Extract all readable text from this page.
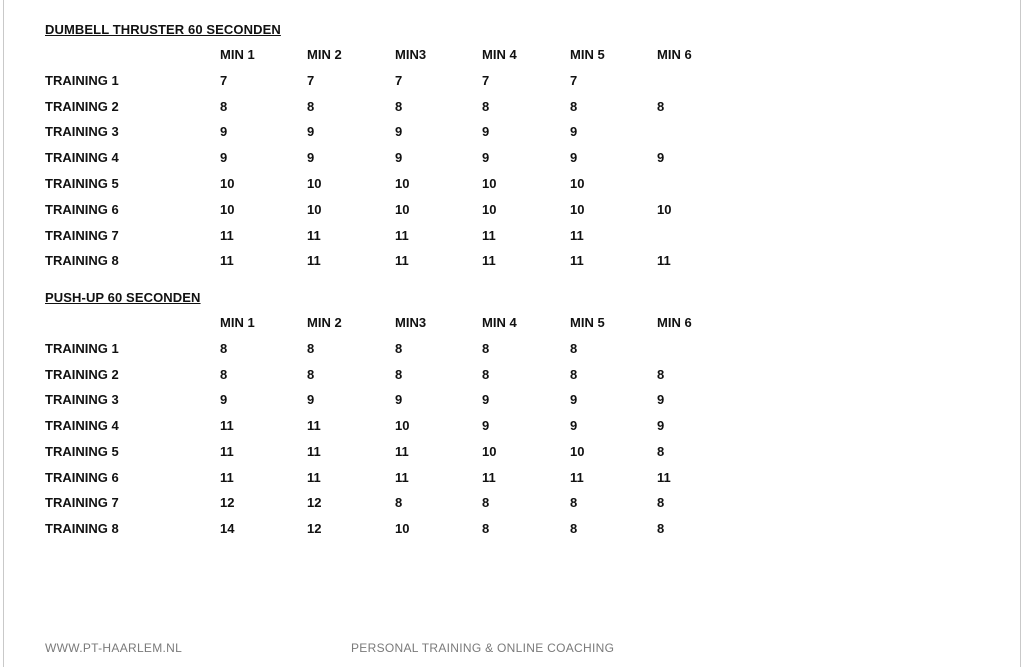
DUMBELL THRUSTER 60 SECONDEN
MIN 1	MIN 2	MIN3	MIN 4	MIN 5	MIN 6
TRAINING 1	7	7	7	7	7
TRAINING 2	8	8	8	8	8	8
TRAINING 3	9	9	9	9	9
TRAINING 4	9	9	9	9	9	9
TRAINING 5	10	10	10	10	10
TRAINING 6	10	10	10	10	10	10
TRAINING 7	11	11	11	11	11
TRAINING 8	11	11	11	11	11	11
PUSH-UP 60 SECONDEN
MIN 1	MIN 2	MIN3	MIN 4	MIN 5	MIN 6
TRAINING 1	8	8	8	8	8
TRAINING 2	8	8	8	8	8	8
TRAINING 3	9	9	9	9	9	9
TRAINING 4	11	11	10	9	9	9
TRAINING 5	11	11	11	10	10	8
TRAINING 6	11	11	11	11	11	11
TRAINING 7	12	12	8	8	8	8
TRAINING 8	14	12	10	8	8	8
WWW.PT-HAARLEM.NL	PERSONAL TRAINING & ONLINE COACHING
